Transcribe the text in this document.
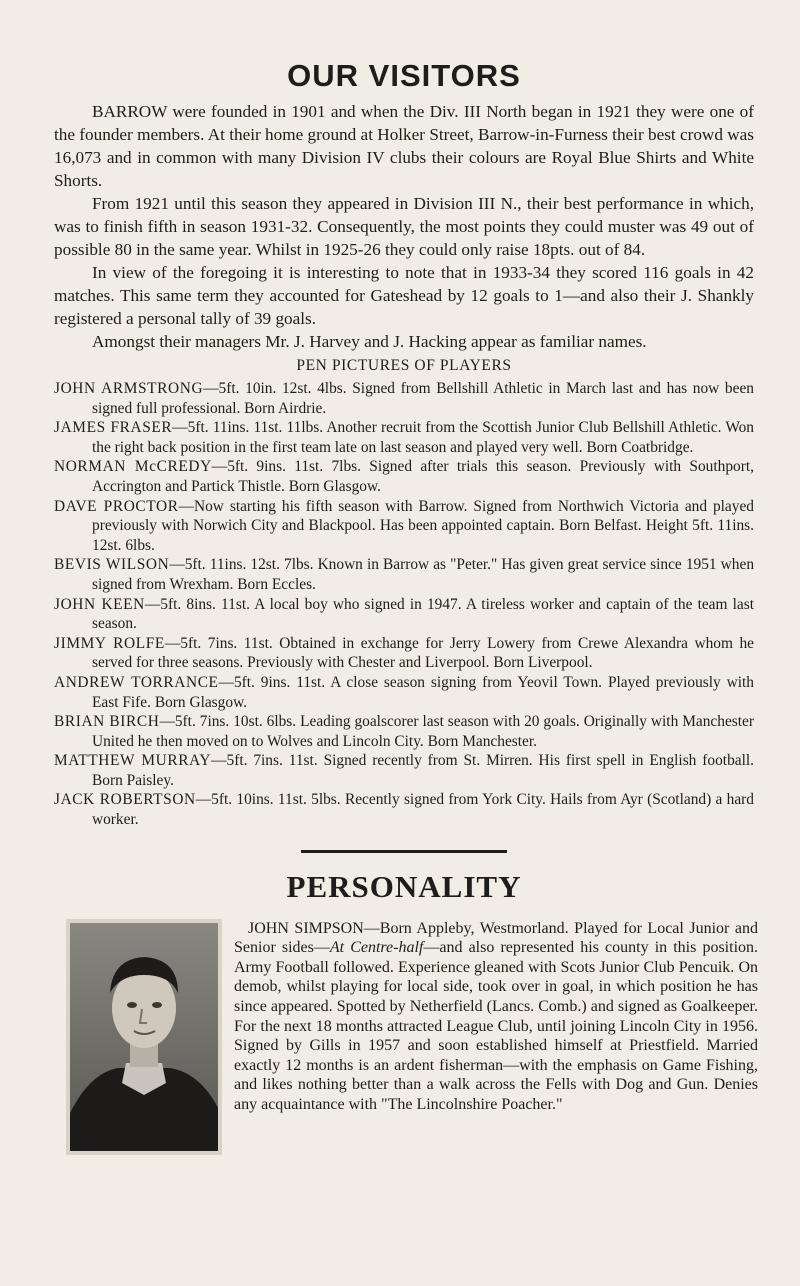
OUR VISITORS

BARROW were founded in 1901 and when the Div. III North began in 1921 they were one of the founder members. At their home ground at Holker Street, Barrow-in-Furness their best crowd was 16,073 and in common with many Division IV clubs their colours are Royal Blue Shirts and White Shorts.

From 1921 until this season they appeared in Division III N., their best performance in which, was to finish fifth in season 1931-32. Consequently, the most points they could muster was 49 out of possible 80 in the same year. Whilst in 1925-26 they could only raise 18pts. out of 84.

In view of the foregoing it is interesting to note that in 1933-34 they scored 116 goals in 42 matches. This same term they accounted for Gateshead by 12 goals to 1—and also their J. Shankly registered a personal tally of 39 goals.

Amongst their managers Mr. J. Harvey and J. Hacking appear as familiar names.

PEN PICTURES OF PLAYERS

JOHN ARMSTRONG—5ft. 10in. 12st. 4lbs. Signed from Bellshill Athletic in March last and has now been signed full professional. Born Airdrie.

JAMES FRASER—5ft. 11ins. 11st. 11lbs. Another recruit from the Scottish Junior Club Bellshill Athletic. Won the right back position in the first team late on last season and played very well. Born Coatbridge.

NORMAN McCREDY—5ft. 9ins. 11st. 7lbs. Signed after trials this season. Previously with Southport, Accrington and Partick Thistle. Born Glasgow.

DAVE PROCTOR—Now starting his fifth season with Barrow. Signed from Northwich Victoria and played previously with Norwich City and Blackpool. Has been appointed captain. Born Belfast. Height 5ft. 11ins. 12st. 6lbs.

BEVIS WILSON—5ft. 11ins. 12st. 7lbs. Known in Barrow as "Peter." Has given great service since 1951 when signed from Wrexham. Born Eccles.

JOHN KEEN—5ft. 8ins. 11st. A local boy who signed in 1947. A tireless worker and captain of the team last season.

JIMMY ROLFE—5ft. 7ins. 11st. Obtained in exchange for Jerry Lowery from Crewe Alexandra whom he served for three seasons. Previously with Chester and Liverpool. Born Liverpool.

ANDREW TORRANCE—5ft. 9ins. 11st. A close season signing from Yeovil Town. Played previously with East Fife. Born Glasgow.

BRIAN BIRCH—5ft. 7ins. 10st. 6lbs. Leading goalscorer last season with 20 goals. Originally with Manchester United he then moved on to Wolves and Lincoln City. Born Manchester.

MATTHEW MURRAY—5ft. 7ins. 11st. Signed recently from St. Mirren. His first spell in English football. Born Paisley.

JACK ROBERTSON—5ft. 10ins. 11st. 5lbs. Recently signed from York City. Hails from Ayr (Scotland) a hard worker.

PERSONALITY

JOHN SIMPSON—Born Appleby, Westmorland. Played for Local Junior and Senior sides—At Centre-half—and also represented his county in this position. Army Football followed. Experience gleaned with Scots Junior Club Pencuik. On demob, whilst playing for local side, took over in goal, in which position he has since appeared. Spotted by Netherfield (Lancs. Comb.) and signed as Goalkeeper. For the next 18 months attracted League Club, until joining Lincoln City in 1956. Signed by Gills in 1957 and soon established himself at Priestfield. Married exactly 12 months is an ardent fisherman—with the emphasis on Game Fishing, and likes nothing better than a walk across the Fells with Dog and Gun. Denies any acquaintance with "The Lincolnshire Poacher."
